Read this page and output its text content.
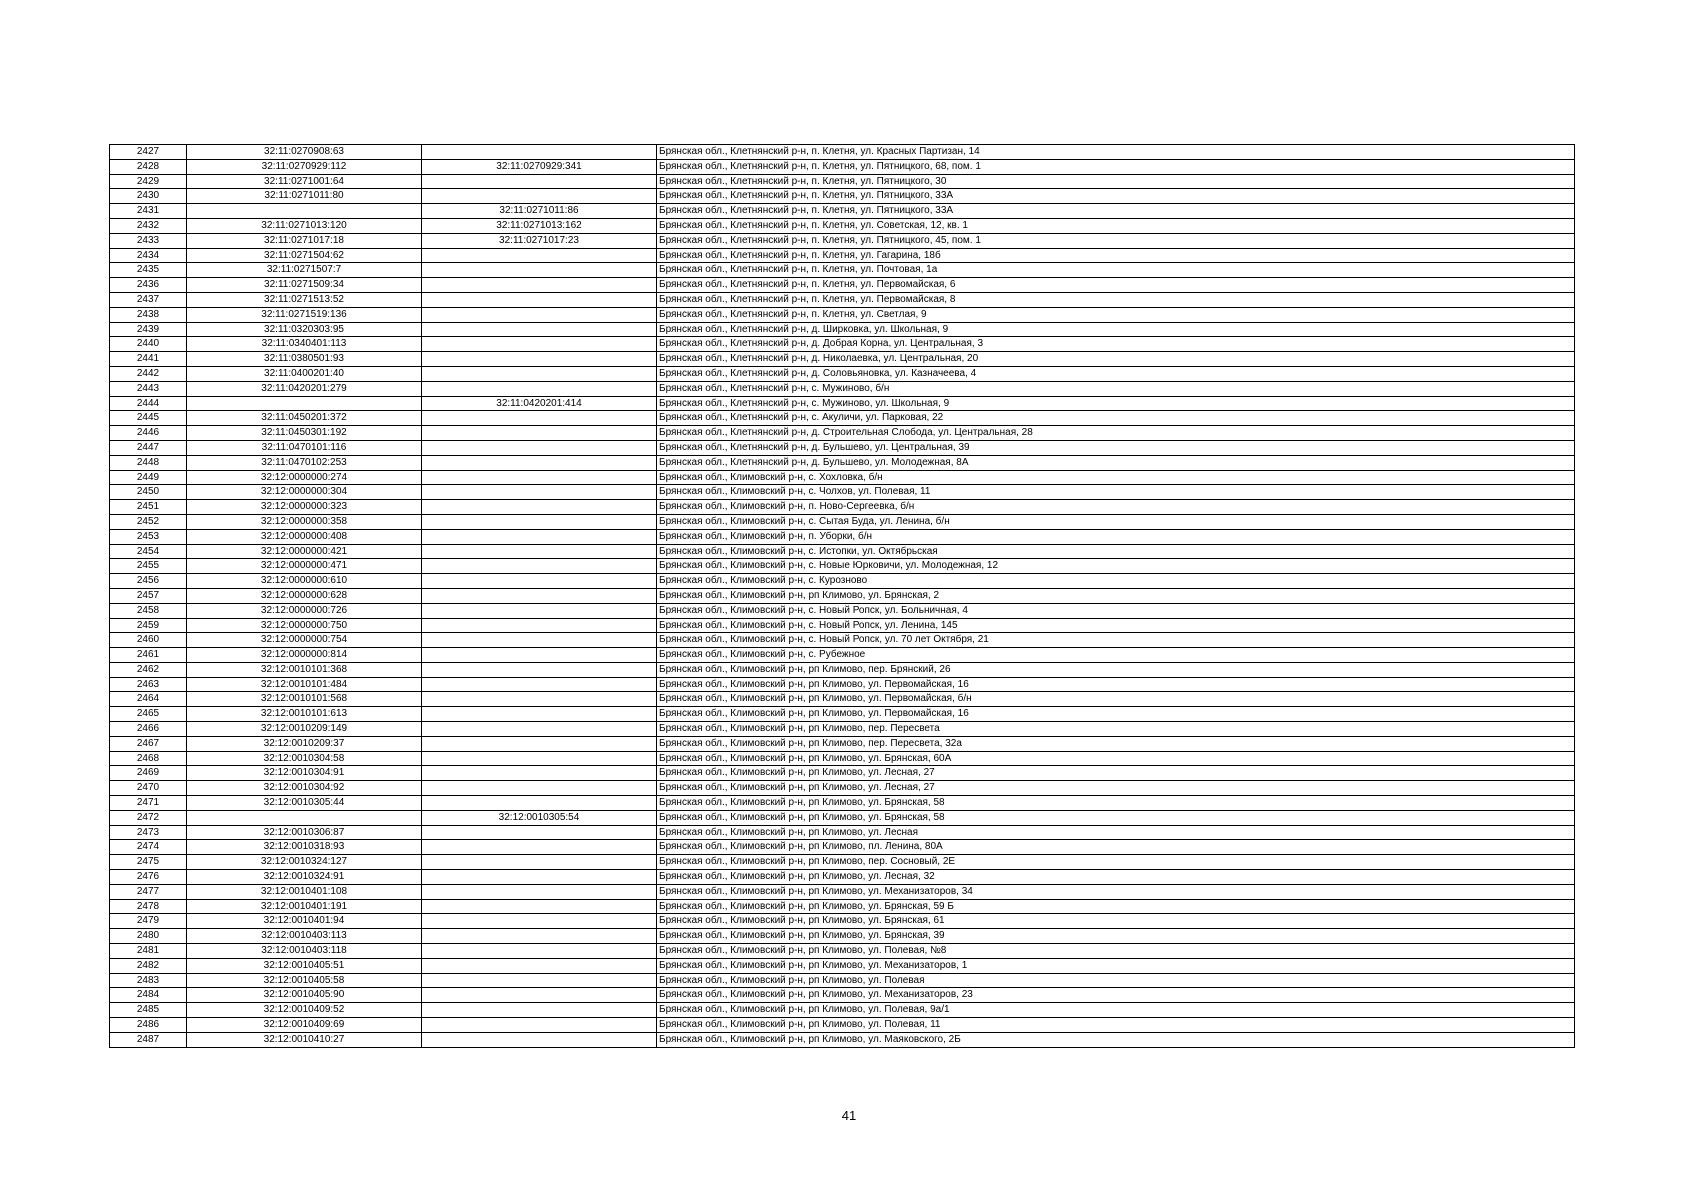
2427	32:11:0270908:63		Брянская обл., Клетнянский р-н, п. Клетня, ул. Красных Партизан, 14
2428	32:11:0270929:112	32:11:0270929:341	Брянская обл., Клетнянский р-н, п. Клетня, ул. Пятницкого, 68, пом. 1
2429	32:11:0271001:64		Брянская обл., Клетнянский р-н, п. Клетня, ул. Пятницкого, 30
2430	32:11:0271011:80		Брянская обл., Клетнянский р-н, п. Клетня, ул. Пятницкого, 33А
2431		32:11:0271011:86	Брянская обл., Клетнянский р-н, п. Клетня, ул. Пятницкого, 33А
2432	32:11:0271013:120	32:11:0271013:162	Брянская обл., Клетнянский р-н, п. Клетня, ул. Советская, 12, кв. 1
2433	32:11:0271017:18	32:11:0271017:23	Брянская обл., Клетнянский р-н, п. Клетня, ул. Пятницкого, 45, пом. 1
2434	32:11:0271504:62		Брянская обл., Клетнянский р-н, п. Клетня, ул. Гагарина, 18б
2435	32:11:0271507:7		Брянская обл., Клетнянский р-н, п. Клетня, ул. Почтовая, 1а
2436	32:11:0271509:34		Брянская обл., Клетнянский р-н, п. Клетня, ул. Первомайская, 6
2437	32:11:0271513:52		Брянская обл., Клетнянский р-н, п. Клетня, ул. Первомайская, 8
2438	32:11:0271519:136		Брянская обл., Клетнянский р-н, п. Клетня, ул. Светлая, 9
2439	32:11:0320303:95		Брянская обл., Клетнянский р-н, д. Ширковка, ул. Школьная, 9
2440	32:11:0340401:113		Брянская обл., Клетнянский р-н, д. Добрая Корна, ул. Центральная, 3
2441	32:11:0380501:93		Брянская обл., Клетнянский р-н, д. Николаевка, ул. Центральная, 20
2442	32:11:0400201:40		Брянская обл., Клетнянский р-н, д. Соловьяновка, ул. Казначеева, 4
2443	32:11:0420201:279		Брянская обл., Клетнянский р-н, с. Мужиново, б/н
2444		32:11:0420201:414	Брянская обл., Клетнянский р-н, с. Мужиново, ул. Школьная, 9
2445	32:11:0450201:372		Брянская обл., Клетнянский р-н, с. Акуличи, ул. Парковая, 22
2446	32:11:0450301:192		Брянская обл., Клетнянский р-н, д. Строительная Слобода, ул. Центральная, 28
2447	32:11:0470101:116		Брянская обл., Клетнянский р-н, д. Бульшево, ул. Центральная, 39
2448	32:11:0470102:253		Брянская обл., Клетнянский р-н, д. Бульшево, ул. Молодежная, 8А
2449	32:12:0000000:274		Брянская обл., Климовский р-н, с. Хохловка, б/н
2450	32:12:0000000:304		Брянская обл., Климовский р-н, с. Чолхов, ул. Полевая, 11
2451	32:12:0000000:323		Брянская обл., Климовский р-н, п. Ново-Сергеевка, б/н
2452	32:12:0000000:358		Брянская обл., Климовский р-н, с. Сытая Буда, ул. Ленина, б/н
2453	32:12:0000000:408		Брянская обл., Климовский р-н, п. Уборки, б/н
2454	32:12:0000000:421		Брянская обл., Климовский р-н, с. Истопки, ул. Октябрьская
2455	32:12:0000000:471		Брянская обл., Климовский р-н, с. Новые Юрковичи, ул. Молодежная, 12
2456	32:12:0000000:610		Брянская обл., Климовский р-н, с. Курозново
2457	32:12:0000000:628		Брянская обл., Климовский р-н, рп Климово, ул. Брянская, 2
2458	32:12:0000000:726		Брянская обл., Климовский р-н, с. Новый Ропск, ул. Больничная, 4
2459	32:12:0000000:750		Брянская обл., Климовский р-н, с. Новый Ропск, ул. Ленина, 145
2460	32:12:0000000:754		Брянская обл., Климовский р-н, с. Новый Ропск, ул. 70 лет Октября, 21
2461	32:12:0000000:814		Брянская обл., Климовский р-н, с. Рубежное
2462	32:12:0010101:368		Брянская обл., Климовский р-н, рп Климово, пер. Брянский, 26
2463	32:12:0010101:484		Брянская обл., Климовский р-н, рп Климово, ул. Первомайская, 16
2464	32:12:0010101:568		Брянская обл., Климовский р-н, рп Климово, ул. Первомайская, б/н
2465	32:12:0010101:613		Брянская обл., Климовский р-н, рп Климово, ул. Первомайская, 16
2466	32:12:0010209:149		Брянская обл., Климовский р-н, рп Климово, пер. Пересвета
2467	32:12:0010209:37		Брянская обл., Климовский р-н, рп Климово, пер. Пересвета, 32а
2468	32:12:0010304:58		Брянская обл., Климовский р-н, рп Климово, ул. Брянская, 60А
2469	32:12:0010304:91		Брянская обл., Климовский р-н, рп Климово, ул. Лесная, 27
2470	32:12:0010304:92		Брянская обл., Климовский р-н, рп Климово, ул. Лесная, 27
2471	32:12:0010305:44		Брянская обл., Климовский р-н, рп Климово, ул. Брянская, 58
2472		32:12:0010305:54	Брянская обл., Климовский р-н, рп Климово, ул. Брянская, 58
2473	32:12:0010306:87		Брянская обл., Климовский р-н, рп Климово, ул. Лесная
2474	32:12:0010318:93		Брянская обл., Климовский р-н, рп Климово, пл. Ленина, 80А
2475	32:12:0010324:127		Брянская обл., Климовский р-н, рп Климово, пер. Сосновый, 2Е
2476	32:12:0010324:91		Брянская обл., Климовский р-н, рп Климово, ул. Лесная, 32
2477	32:12:0010401:108		Брянская обл., Климовский р-н, рп Климово, ул. Механизаторов, 34
2478	32:12:0010401:191		Брянская обл., Климовский р-н, рп Климово, ул. Брянская, 59 Б
2479	32:12:0010401:94		Брянская обл., Климовский р-н, рп Климово, ул. Брянская, 61
2480	32:12:0010403:113		Брянская обл., Климовский р-н, рп Климово, ул. Брянская, 39
2481	32:12:0010403:118		Брянская обл., Климовский р-н, рп Климово, ул. Полевая, №8
2482	32:12:0010405:51		Брянская обл., Климовский р-н, рп Климово, ул. Механизаторов, 1
2483	32:12:0010405:58		Брянская обл., Климовский р-н, рп Климово, ул. Полевая
2484	32:12:0010405:90		Брянская обл., Климовский р-н, рп Климово, ул. Механизаторов, 23
2485	32:12:0010409:52		Брянская обл., Климовский р-н, рп Климово, ул. Полевая, 9а/1
2486	32:12:0010409:69		Брянская обл., Климовский р-н, рп Климово, ул. Полевая, 11
2487	32:12:0010410:27		Брянская обл., Климовский р-н, рп Климово, ул. Маяковского, 2Б
41
